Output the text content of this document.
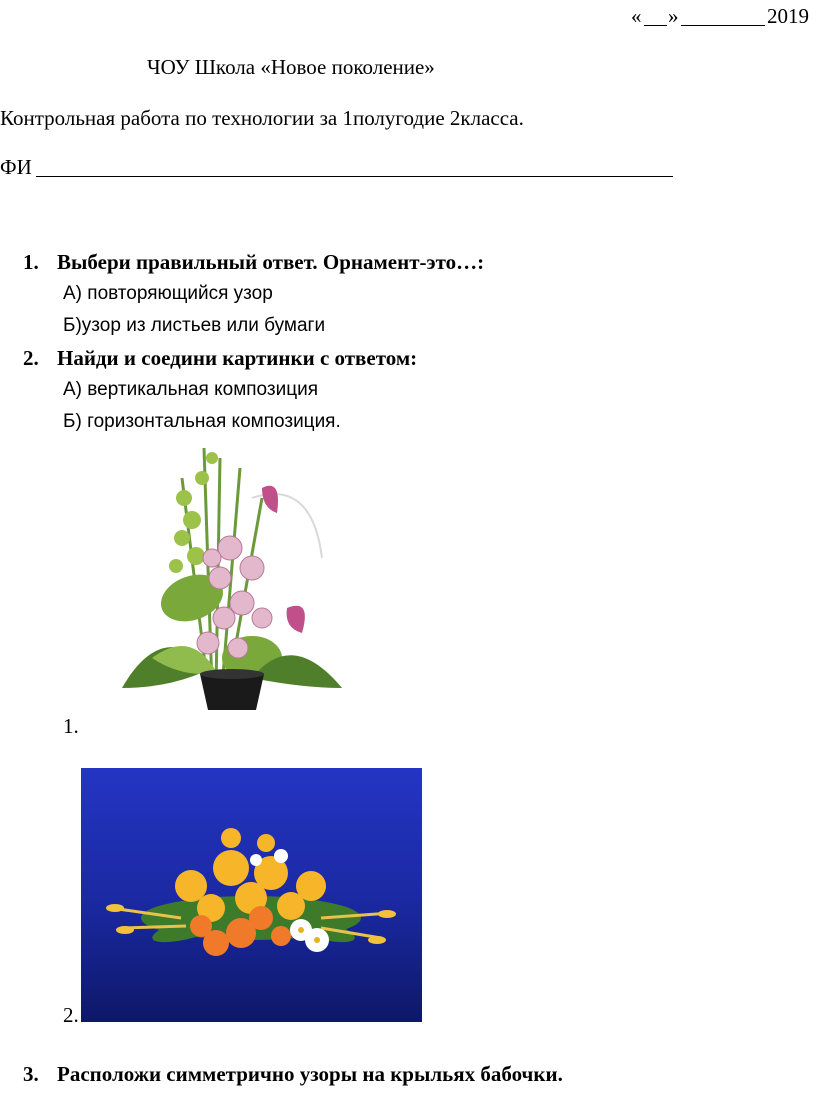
« »	2019
ЧОУ Школа «Новое поколение»
Контрольная работа по технологии за 1полугодие 2класса.
ФИ
1. Выбери правильный ответ. Орнамент-это…:
А) повторяющийся узор
Б)узор из листьев или бумаги
2. Найди и соедини картинки с ответом:
А) вертикальная композиция
Б) горизонтальная композиция.
1.
2.
3. Расположи симметрично узоры на крыльях бабочки.
